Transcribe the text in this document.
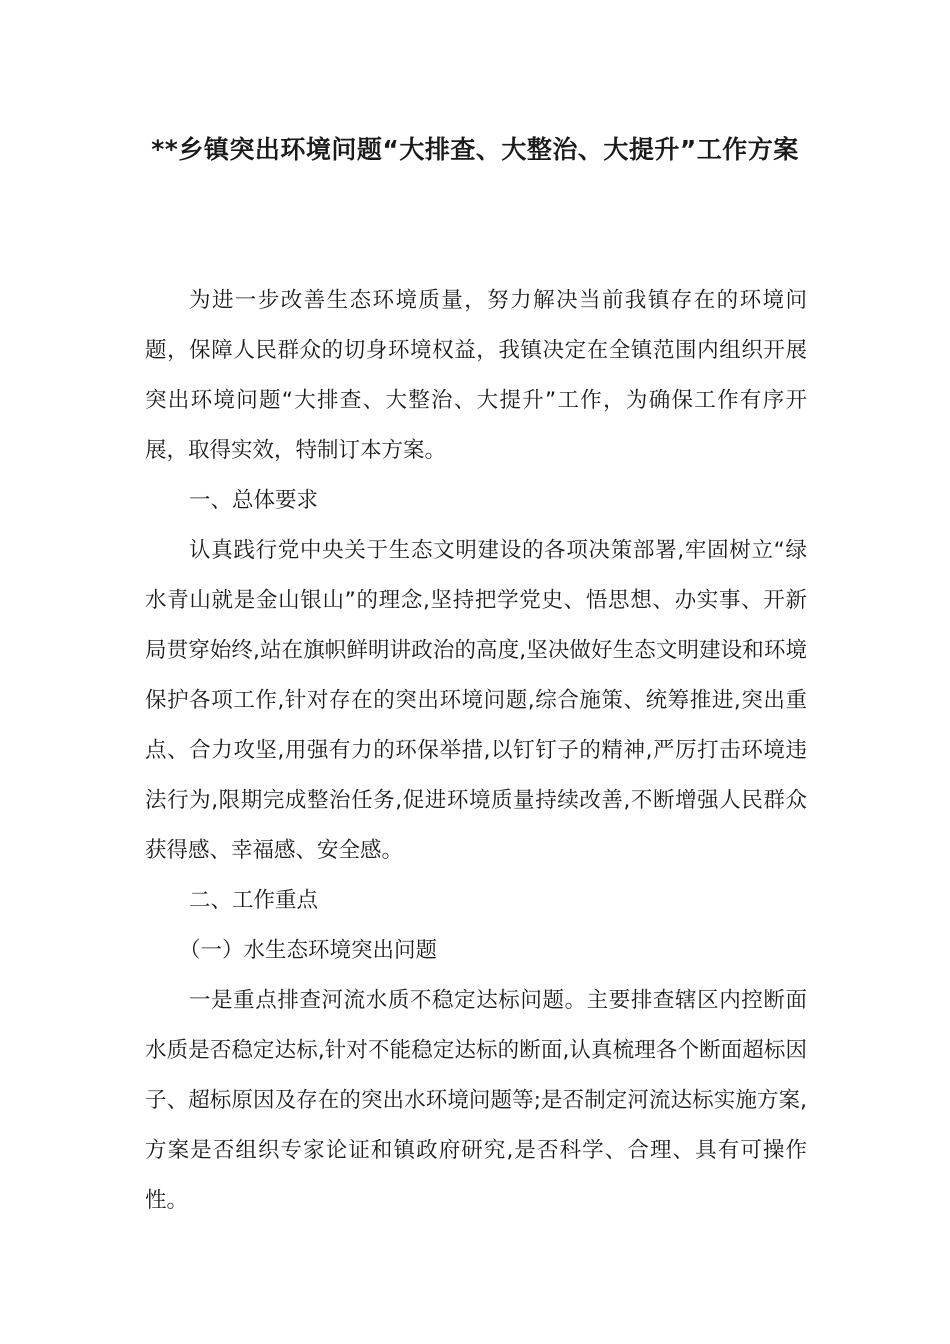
**乡镇突出环境问题“大排查、大整治、大提升”工作方案

为进一步改善生态环境质量，努力解决当前我镇存在的环境问题，保障人民群众的切身环境权益，我镇决定在全镇范围内组织开展突出环境问题“大排查、大整治、大提升”工作，为确保工作有序开展，取得实效，特制订本方案。

一、总体要求

认真践行党中央关于生态文明建设的各项决策部署,牢固树立“绿水青山就是金山银山”的理念,坚持把学党史、悟思想、办实事、开新局贯穿始终,站在旗帜鲜明讲政治的高度,坚决做好生态文明建设和环境保护各项工作,针对存在的突出环境问题,综合施策、统筹推进,突出重点、合力攻坚,用强有力的环保举措,以钉钉子的精神,严厉打击环境违法行为,限期完成整治任务,促进环境质量持续改善,不断增强人民群众获得感、幸福感、安全感。

二、工作重点

（一）水生态环境突出问题

一是重点排查河流水质不稳定达标问题。主要排查辖区内控断面水质是否稳定达标,针对不能稳定达标的断面,认真梳理各个断面超标因子、超标原因及存在的突出水环境问题等;是否制定河流达标实施方案,方案是否组织专家论证和镇政府研究,是否科学、合理、具有可操作性。
